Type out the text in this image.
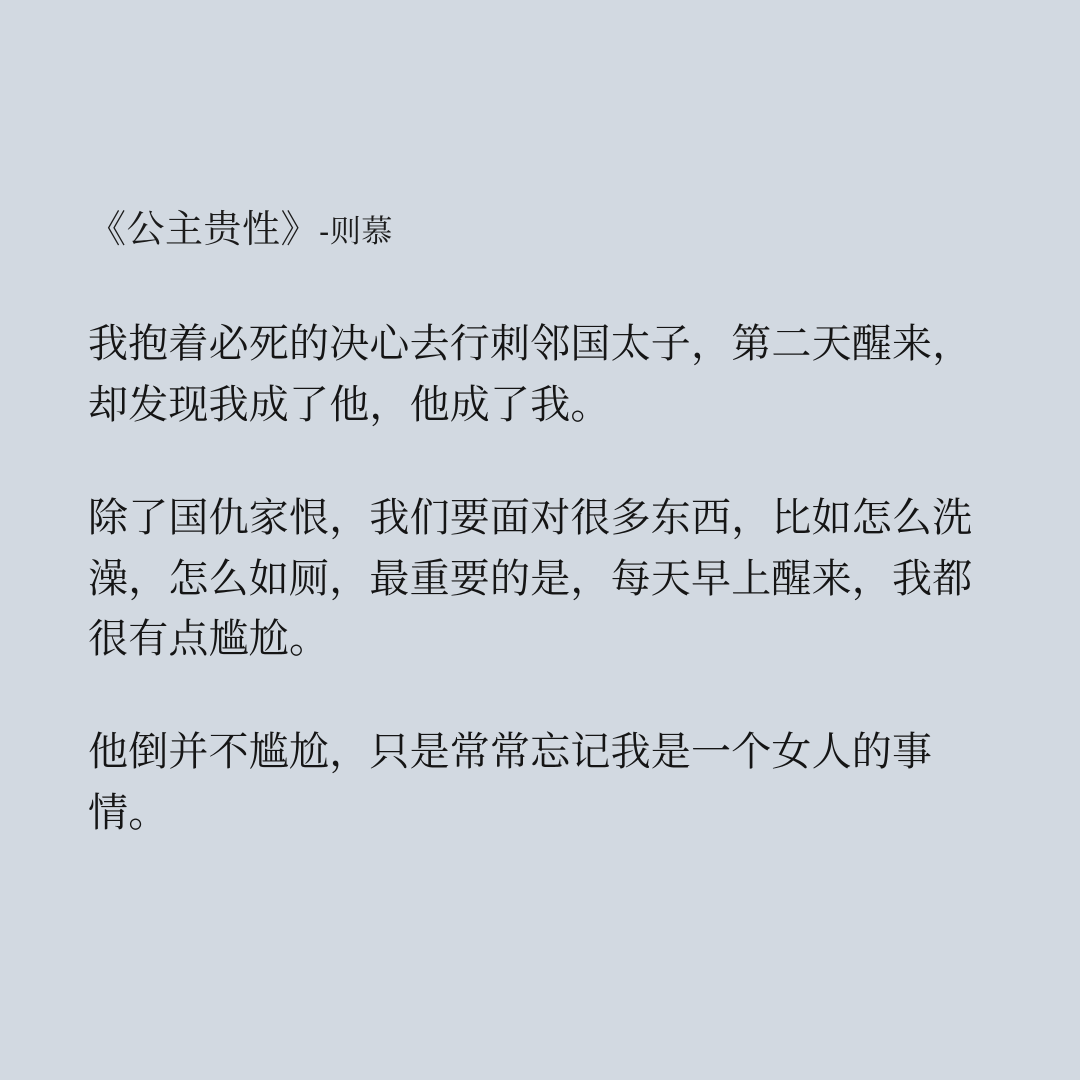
《公主贵性》-则慕

我抱着必死的决心去行刺邻国太子，第二天醒来，却发现我成了他，他成了我。

除了国仇家恨，我们要面对很多东西，比如怎么洗澡，怎么如厕，最重要的是，每天早上醒来，我都很有点尴尬。

他倒并不尴尬，只是常常忘记我是一个女人的事情。
